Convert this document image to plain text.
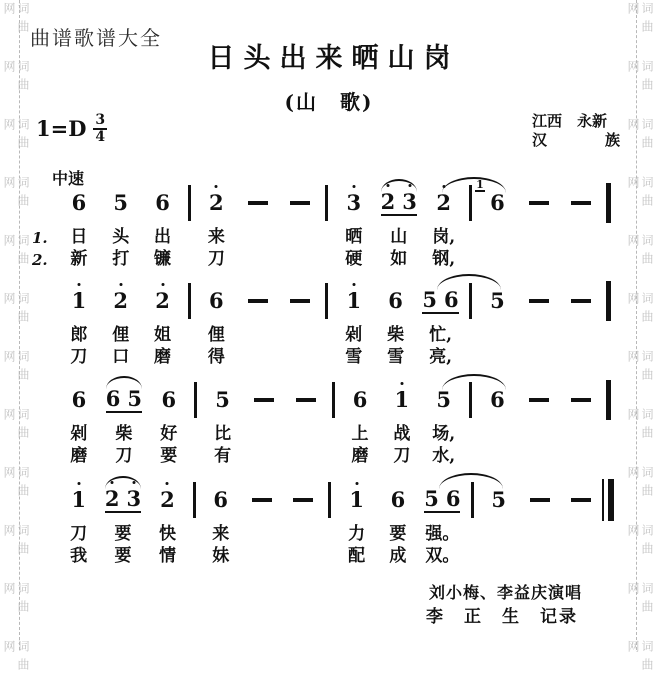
词曲网
词曲网
词曲网
词曲网
词曲网
词曲网
词曲网
词曲网
词曲网
词曲网
词曲网
词曲网
词曲网
词曲网
词曲网
词曲网
词曲网
词曲网
词曲网
词曲网
词曲网
词曲网
词曲网
词曲网
曲谱歌谱大全
日头出来晒山岗
(山　歌)
$1=D \frac{3}{4}$	江西　永新
汉	族
中速
6
日
新
5
头
打
6
出
镰
2
来
刀
3
晒
硬
2 3
山
如
2
岗,
钢,
6
1
1.
2.
1
郎
刀
2
俚
口
2
姐
磨
6
俚
得
1
剁
雪
6
柴
雪
5 6
忙,
亮,
5
6
剁
磨
6 5
柴
刀
6
好
要
5
比
有
6
上
磨
1
战
刀
5
场,
水,
6
1
刀
我
2 3
要
要
2
快
情
6
来
妹
1
力
配
6
要
成
5 6
强。
双。
5
刘小梅、李益庆演唱
李　正　生　记录
